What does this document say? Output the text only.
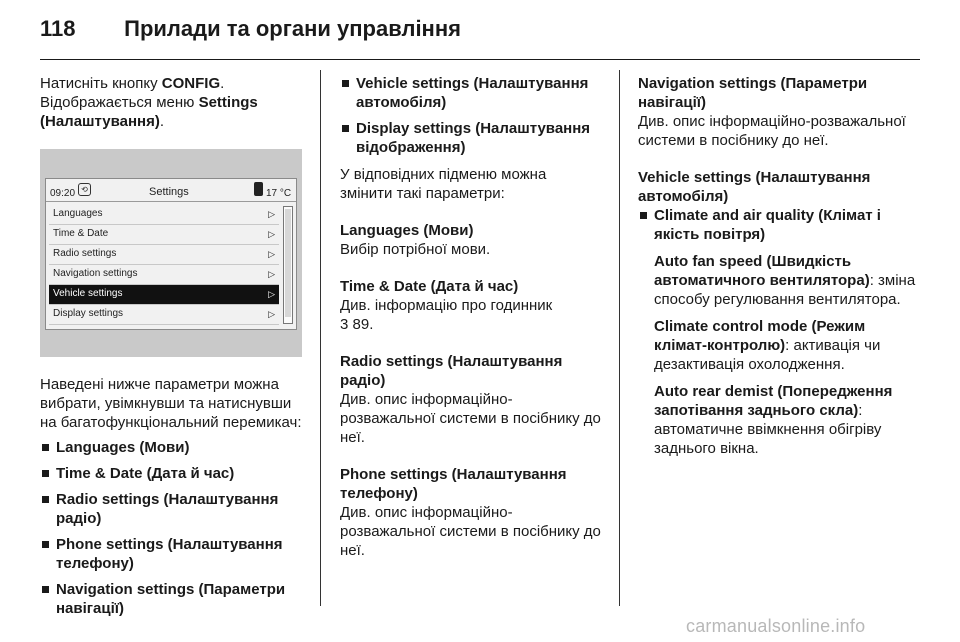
118 Прилади та органи управління

Натисніть кнопку CONFIG.
Відображається меню Settings (Налаштування).

09:20 ⟲	Settings	17 °C
Languages	▷
Time & Date	▷
Radio settings	▷
Navigation settings	▷
Vehicle settings	▷
Display settings	▷

Наведені нижче параметри можна вибрати, увімкнувши та натиснувши на багатофункціональний перемикач:

Languages (Мови)
Time & Date (Дата й час)
Radio settings (Налаштування радіо)
Phone settings (Налаштування телефону)
Navigation settings (Параметри навігації)
Vehicle settings (Налаштування автомобіля)
Display settings (Налаштування відображення)

У відповідних підменю можна змінити такі параметри:

Languages (Мови)

Вибір потрібної мови.

Time & Date (Дата й час)

Див. інформацію про годинник
3 89.

Radio settings (Налаштування радіо)

Див. опис інформаційно-розважальної системи в посібнику до неї.

Phone settings (Налаштування телефону)

Див. опис інформаційно-розважальної системи в посібнику до неї.

Navigation settings (Параметри навігації)

Див. опис інформаційно-розважальної системи в посібнику до неї.

Vehicle settings (Налаштування автомобіля)

Climate and air quality (Клімат і якість повітря)

Auto fan speed (Швидкість автоматичного вентилятора): зміна способу регулювання вентилятора.

Climate control mode (Режим клімат-контролю): активація чи дезактивація охолодження.

Auto rear demist (Попередження запотівання заднього скла): автоматичне ввімкнення обігріву заднього вікна.

carmanualsonline.info
